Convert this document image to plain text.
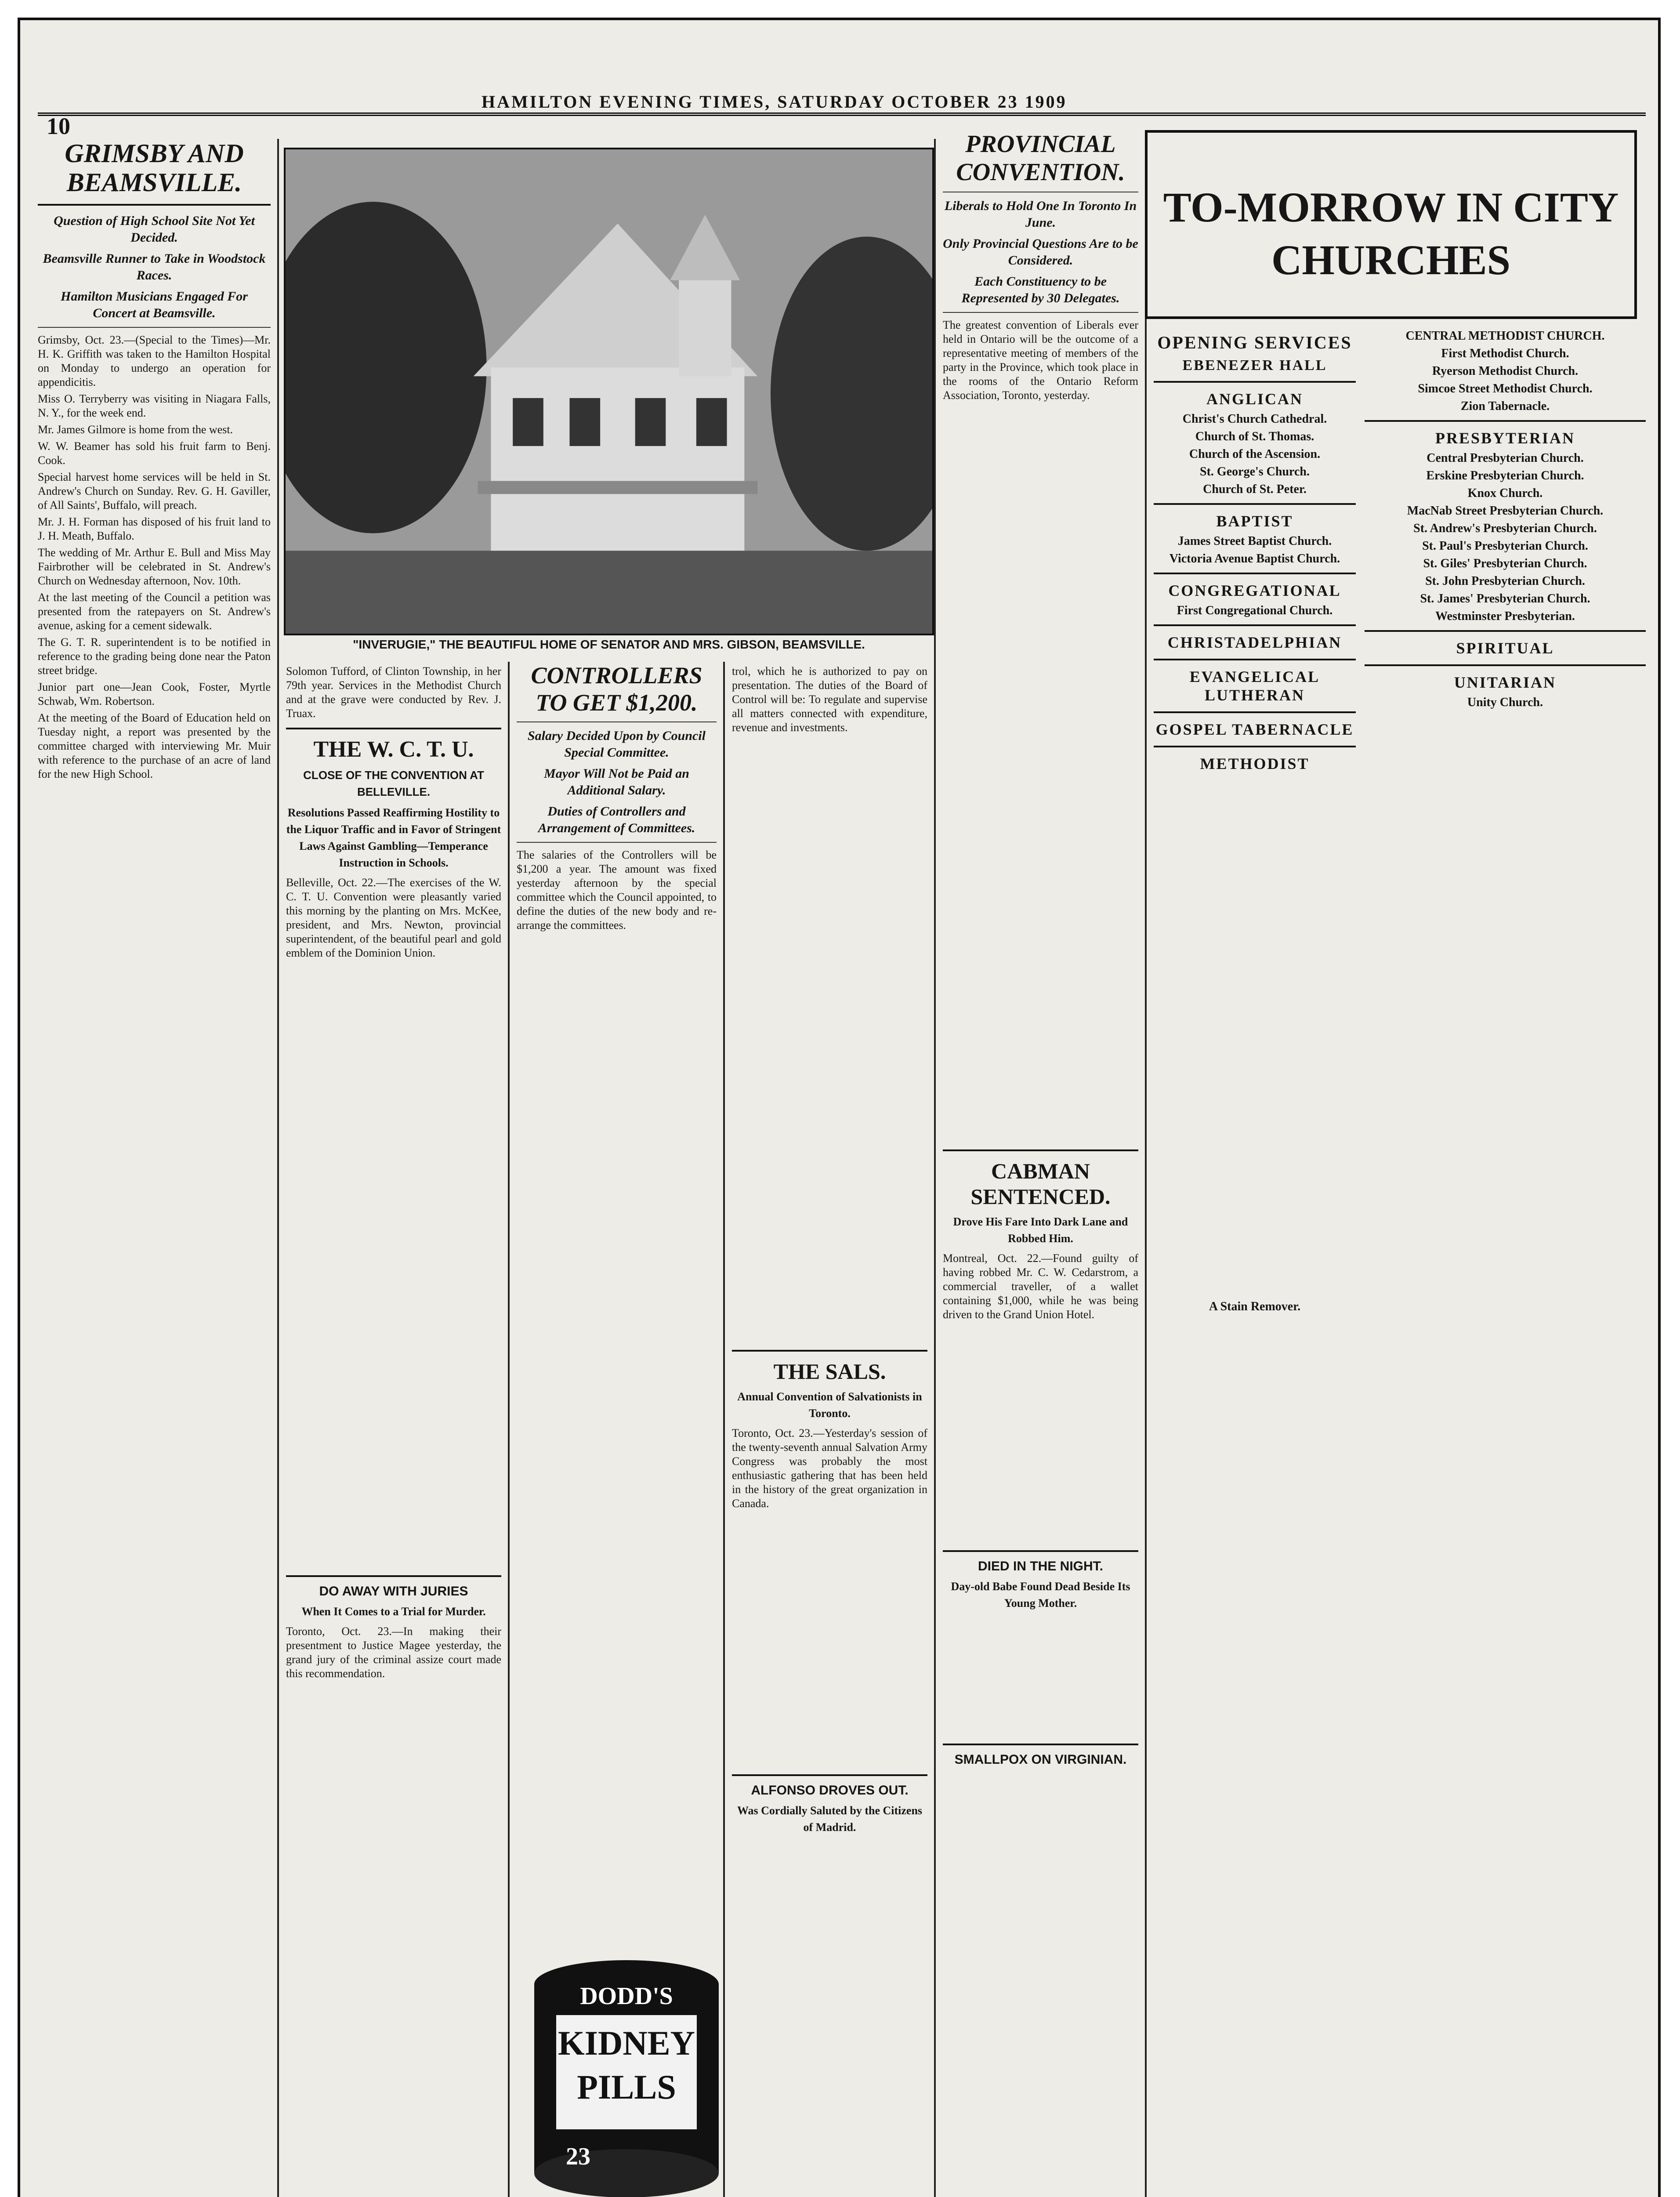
10
HAMILTON EVENING TIMES, SATURDAY OCTOBER 23 1909
GRIMSBY AND BEAMSVILLE.

Question of High School Site Not Yet Decided.

Beamsville Runner to Take in Woodstock Races.

Hamilton Musicians Engaged For Concert at Beamsville.

Grimsby, Oct. 23.—(Special to the Times)—Mr. H. K. Griffith was taken to the Hamilton Hospital on Monday to undergo an operation for appendicitis.

Miss O. Terryberry was visiting in Niagara Falls, N. Y., for the week end.

Mr. James Gilmore is home from the west.

W. W. Beamer has sold his fruit farm to Benj. Cook.

Special harvest home services will be held in St. Andrew's Church on Sunday. Rev. G. H. Gaviller, of All Saints', Buffalo, will preach.

Mr. J. H. Forman has disposed of his fruit land to J. H. Meath, Buffalo.

The wedding of Mr. Arthur E. Bull and Miss May Fairbrother will be celebrated in St. Andrew's Church on Wednesday afternoon, Nov. 10th.

At the last meeting of the Council a petition was presented from the ratepayers on St. Andrew's avenue, asking for a cement sidewalk.

The G. T. R. superintendent is to be notified in reference to the grading being done near the Paton street bridge.

Junior part one—Jean Cook, Foster, Myrtle Schwab, Wm. Robertson.

At the meeting of the Board of Education held on Tuesday night, a report was presented by the committee charged with interviewing Mr. Muir with reference to the purchase of an acre of land for the new High School.

"INVERUGIE," THE BEAUTIFUL HOME OF SENATOR AND MRS. GIBSON, BEAMSVILLE.

Solomon Tufford, of Clinton Township, in her 79th year. Services in the Methodist Church and at the grave were conducted by Rev. J. Truax.

THE W. C. T. U.

CLOSE OF THE CONVENTION AT BELLEVILLE.

Resolutions Passed Reaffirming Hostility to the Liquor Traffic and in Favor of Stringent Laws Against Gambling—Temperance Instruction in Schools.

Belleville, Oct. 22.—The exercises of the W. C. T. U. Convention were pleasantly varied this morning by the planting on Mrs. McKee, president, and Mrs. Newton, provincial superintendent, of the beautiful pearl and gold emblem of the Dominion Union.

DO AWAY WITH JURIES

When It Comes to a Trial for Murder.

Toronto, Oct. 23.—In making their presentment to Justice Magee yesterday, the grand jury of the criminal assize court made this recommendation.

CONTROLLERS TO GET $1,200.

Salary Decided Upon by Council Special Committee.

Mayor Will Not be Paid an Additional Salary.

Duties of Controllers and Arrangement of Committees.

The salaries of the Controllers will be $1,200 a year. The amount was fixed yesterday afternoon by the special committee which the Council appointed, to define the duties of the new body and re-arrange the committees.

trol, which he is authorized to pay on presentation. The duties of the Board of Control will be: To regulate and supervise all matters connected with expenditure, revenue and investments.

THE SALS.

Annual Convention of Salvationists in Toronto.

Toronto, Oct. 23.—Yesterday's session of the twenty-seventh annual Salvation Army Congress was probably the most enthusiastic gathering that has been held in the history of the great organization in Canada.

ALFONSO DROVES OUT.

Was Cordially Saluted by the Citizens of Madrid.

PROVINCIAL CONVENTION.

Liberals to Hold One In Toronto In June.

Only Provincial Questions Are to be Considered.

Each Constituency to be Represented by 30 Delegates.

The greatest convention of Liberals ever held in Ontario will be the outcome of a representative meeting of members of the party in the Province, which took place in the rooms of the Ontario Reform Association, Toronto, yesterday.

CABMAN SENTENCED.

Drove His Fare Into Dark Lane and Robbed Him.

Montreal, Oct. 22.—Found guilty of having robbed Mr. C. W. Cedarstrom, a commercial traveller, of a wallet containing $1,000, while he was being driven to the Grand Union Hotel.

DIED IN THE NIGHT.

Day-old Babe Found Dead Beside Its Young Mother.

SMALLPOX ON VIRGINIAN.
TO-MORROW IN CITY CHURCHES
OPENING SERVICES
EBENEZER HALL
ANGLICAN
Christ's Church Cathedral.
Church of St. Thomas.
Church of the Ascension.
St. George's Church.
Church of St. Peter.
BAPTIST
James Street Baptist Church.
Victoria Avenue Baptist Church.
CONGREGATIONAL
First Congregational Church.
CHRISTADELPHIAN
EVANGELICAL LUTHERAN
GOSPEL TABERNACLE
METHODIST
A Stain Remover.
CENTRAL METHODIST CHURCH.
First Methodist Church.
Ryerson Methodist Church.
Simcoe Street Methodist Church.
Zion Tabernacle.
PRESBYTERIAN
Central Presbyterian Church.
Erskine Presbyterian Church.
Knox Church.
MacNab Street Presbyterian Church.
St. Andrew's Presbyterian Church.
St. Paul's Presbyterian Church.
St. Giles' Presbyterian Church.
St. John Presbyterian Church.
St. James' Presbyterian Church.
Westminster Presbyterian.
SPIRITUAL
UNITARIAN
Unity Church.
DODD'S
KIDNEY
PILLS
23
